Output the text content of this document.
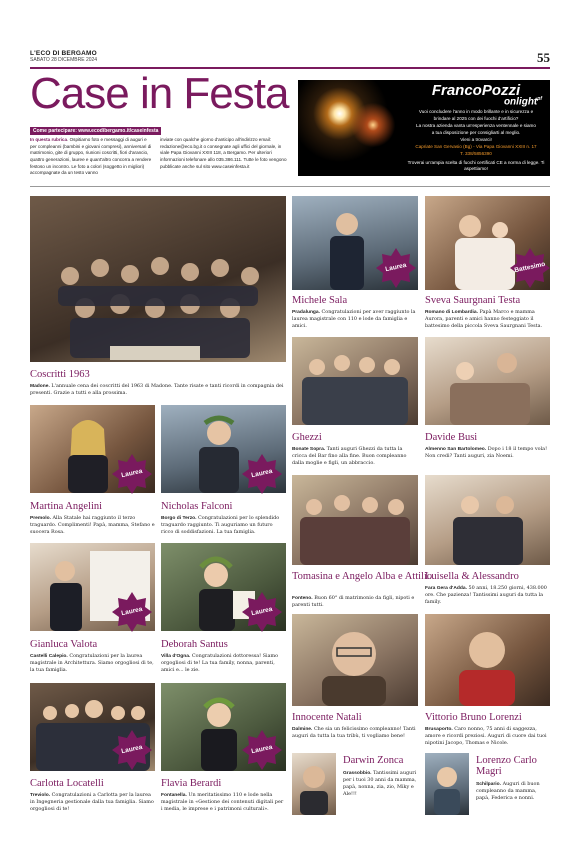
L'ECO DI BERGAMO
SABATO 28 DICEMBRE 2024	55
Case in Festa
Come partecipare: www.ecodibergamo.it/caseinfesta
In questa rubrica. Ospitiamo foto e messaggi di auguri e per compleanni (bambini e giovani compresi), anniversari di matrimonio, gite di gruppo, riunioni coscritti, fiori d'arancio, quattro generazioni, lauree e quant'altro concorra a rendere festoso un incontro. Le foto a colori (soggetto in migliori) accompagnate da un testo vanno
inviate con qualche giorno d'anticipo all'indirizzo email: redazione@eco.bg.it o consegnate agli uffici del giornale, in viale Papa Giovanni XXIII 118, a Bergamo. Per ulteriori informazioni telefonare allo 035.386.111. Tutte le foto vengono pubblicate anche sul sito www.caseinfesta.it
FrancoPozzi
onlight$^{pf}$
Vuoi concludere l'anno in modo brillante e in sicurezza e
brindare al 2025 con dei fuochi d'artificio?
La nostra azienda vanta un'esperienza ventennale e siamo
a tua disposizione per consigliarti al meglio.
Vieni a trovarci!
Capriate San Gervasio (Bg) - Via Papa Giovanni XXIII n. 17
T. 338/5856390
Troverai un'ampia scelta di fuochi certificati CE a norma di legge. Ti aspettiamo!
Coscritti 1963
Madone. L'annuale cena dei coscritti del 1963 di Madone. Tante risate e tanti ricordi in compagnia dei presenti. Grazie a tutti e alla prossima.
Laurea
Michele Sala
Pradalunga. Congratulazioni per aver raggiunto la laurea magistrale con 110 e lode da famiglia e amici.
Battesimo
Sveva Saurgnani Testa
Romano di Lombardia. Papà Marco e mamma Aurora, parenti e amici hanno festeggiato il battesimo della piccola Sveva Saurgnani Testa.
Ghezzi
Bonate Sopra. Tanti auguri Ghezzi da tutta la cricca del Bar fino alla fine. Buon compleanno dalla moglie e figli, un abbraccio.
Davide Busi
Almenno San Bartolomeo. Dopo i 18 il tempo vola! Non credi? Tanti auguri, zia Noemi.
Laurea
Martina Angelini
Premolo. Alla Statale hai raggiunto il terzo traguardo. Complimenti! Papà, mamma, Stefano e suocera Rosa.
Laurea
Nicholas Falconi
Borgo di Terzo. Congratulazioni per lo splendido traguardo raggiunto. Ti auguriamo un futuro ricco di soddisfazioni. La tua famiglia.
Tomasina e Angelo Alba e Attilio
Fonteno. Buon 60° di matrimonio da figli, nipoti e parenti tutti.
Luisella & Alessandro
Fara Gera d'Adda. 50 anni, 18.250 giorni, 438.000 ore. Che pazienza! Tantissimi auguri da tutta la family.
Laurea
Gianluca Valota
Castelli Calepio. Congratulazioni per la laurea magistrale in Architettura. Siamo orgogliosi di te, la tua famiglia.
Laurea
Deborah Santus
Villa d'Ogna. Congratulazioni dottoressa! Siamo orgogliosi di te! La tua family, nonna, parenti, amici e... le zie.
Innocente Natali
Dalmine. Che sia un felicissimo compleanno! Tanti auguri da tutta la tua tribù, ti vogliamo bene!
Vittorio Bruno Lorenzi
Brusaporto. Caro nonno, 75 anni di saggezza, amore e ricordi preziosi. Auguri di cuore dai tuoi nipotini Jacopo, Thomas e Nicole.
Laurea
Carlotta Locatelli
Treviolo. Congratulazioni a Carlotta per la laurea in Ingegneria gestionale dalla tua famiglia. Siamo orgogliosi di te!
Laurea
Flavia Berardi
Fontanella. Un meritatissimo 110 e lode nella magistrale in «Gestione dei contenuti digitali per i media, le imprese e i patrimoni culturali».
Darwin Zonca
Grassobbio. Tantissimi auguri per i tuoi 30 anni da mamma, papà, nonna, zia, zio, Miky e Ale!!!
Lorenzo Carlo Magri
Schilpario. Auguri di buon compleanno da mamma, papà, Federica e nonni.
